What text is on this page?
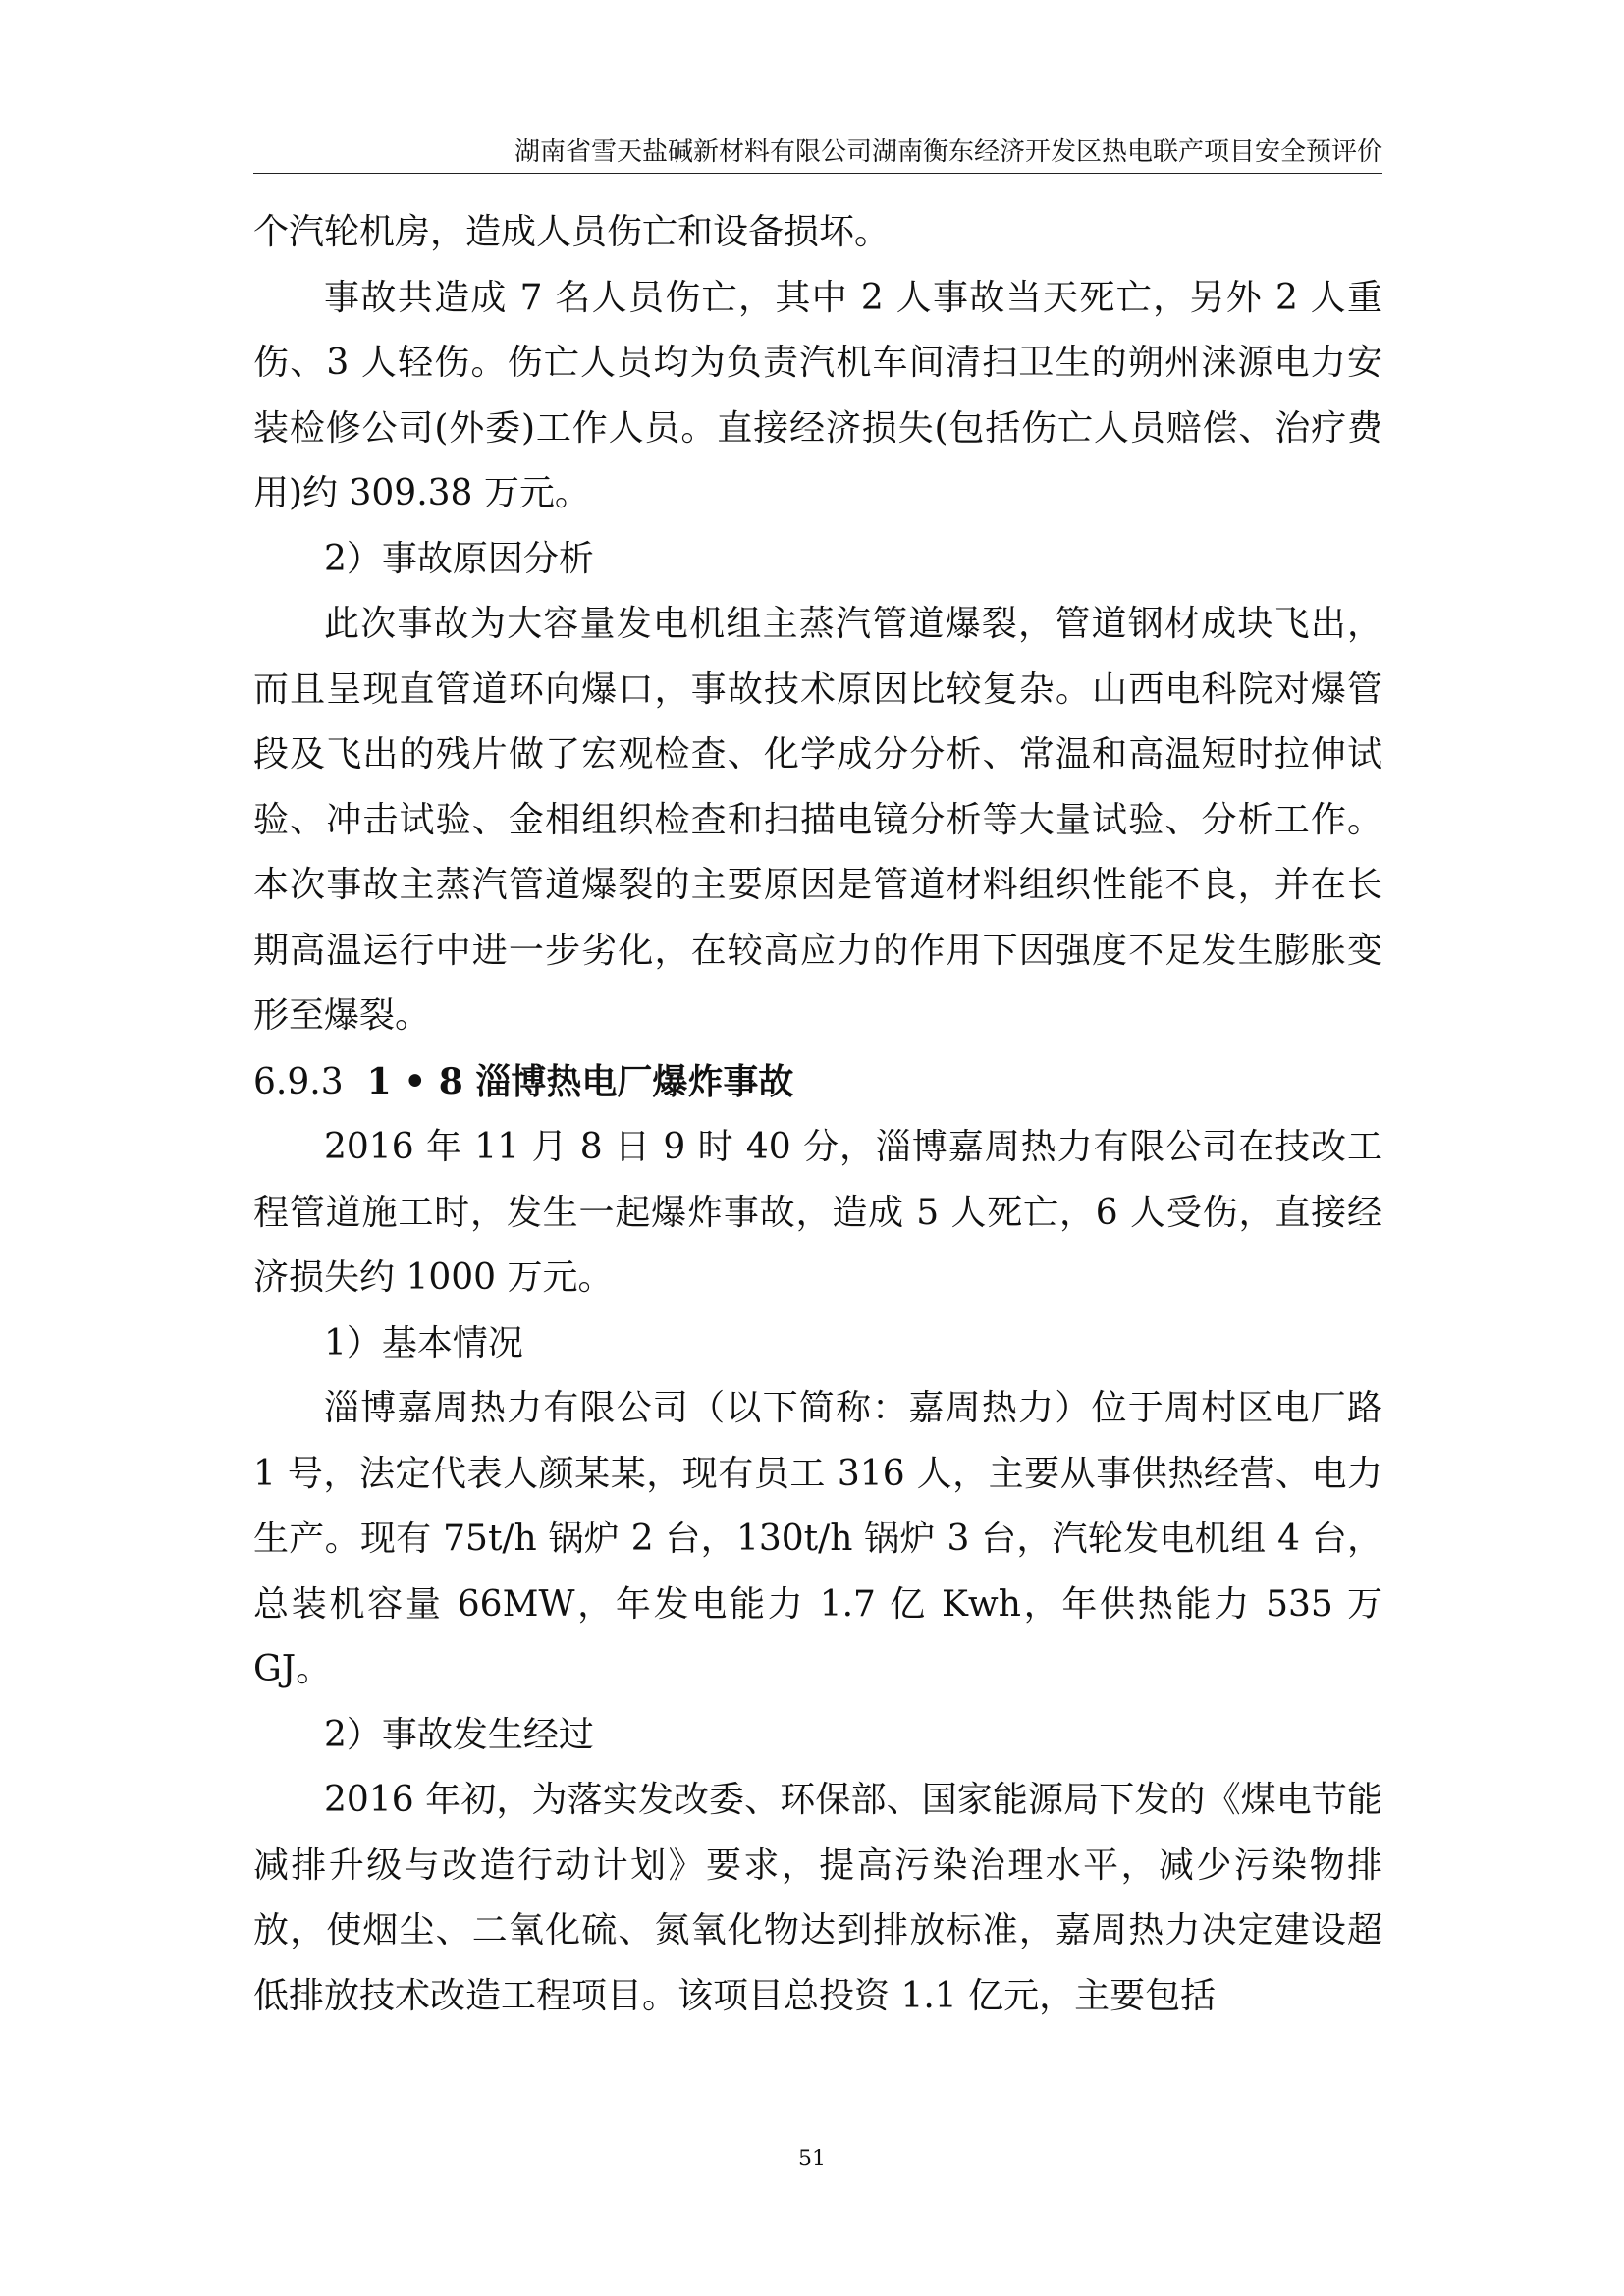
湖南省雪天盐碱新材料有限公司湖南衡东经济开发区热电联产项目安全预评价

个汽轮机房，造成人员伤亡和设备损坏。

事故共造成 7 名人员伤亡，其中 2 人事故当天死亡，另外 2 人重伤、3 人轻伤。伤亡人员均为负责汽机车间清扫卫生的朔州涞源电力安装检修公司(外委)工作人员。直接经济损失(包括伤亡人员赔偿、治疗费用)约 309.38 万元。

2）事故原因分析

此次事故为大容量发电机组主蒸汽管道爆裂，管道钢材成块飞出，而且呈现直管道环向爆口，事故技术原因比较复杂。山西电科院对爆管段及飞出的残片做了宏观检查、化学成分分析、常温和高温短时拉伸试验、冲击试验、金相组织检查和扫描电镜分析等大量试验、分析工作。本次事故主蒸汽管道爆裂的主要原因是管道材料组织性能不良，并在长期高温运行中进一步劣化，在较高应力的作用下因强度不足发生膨胀变形至爆裂。

6.9.3 1 • 8 淄博热电厂爆炸事故

2016 年 11 月 8 日 9 时 40 分，淄博嘉周热力有限公司在技改工程管道施工时，发生一起爆炸事故，造成 5 人死亡，6 人受伤，直接经济损失约 1000 万元。

1）基本情况

淄博嘉周热力有限公司（以下简称：嘉周热力）位于周村区电厂路 1 号，法定代表人颜某某，现有员工 316 人，主要从事供热经营、电力生产。现有 75t/h 锅炉 2 台，130t/h 锅炉 3 台，汽轮发电机组 4 台，总装机容量 66MW，年发电能力 1.7 亿 Kwh，年供热能力 535 万 GJ。

2）事故发生经过

2016 年初，为落实发改委、环保部、国家能源局下发的《煤电节能减排升级与改造行动计划》要求，提高污染治理水平，减少污染物排放，使烟尘、二氧化硫、氮氧化物达到排放标准，嘉周热力决定建设超低排放技术改造工程项目。该项目总投资 1.1 亿元，主要包括

51
